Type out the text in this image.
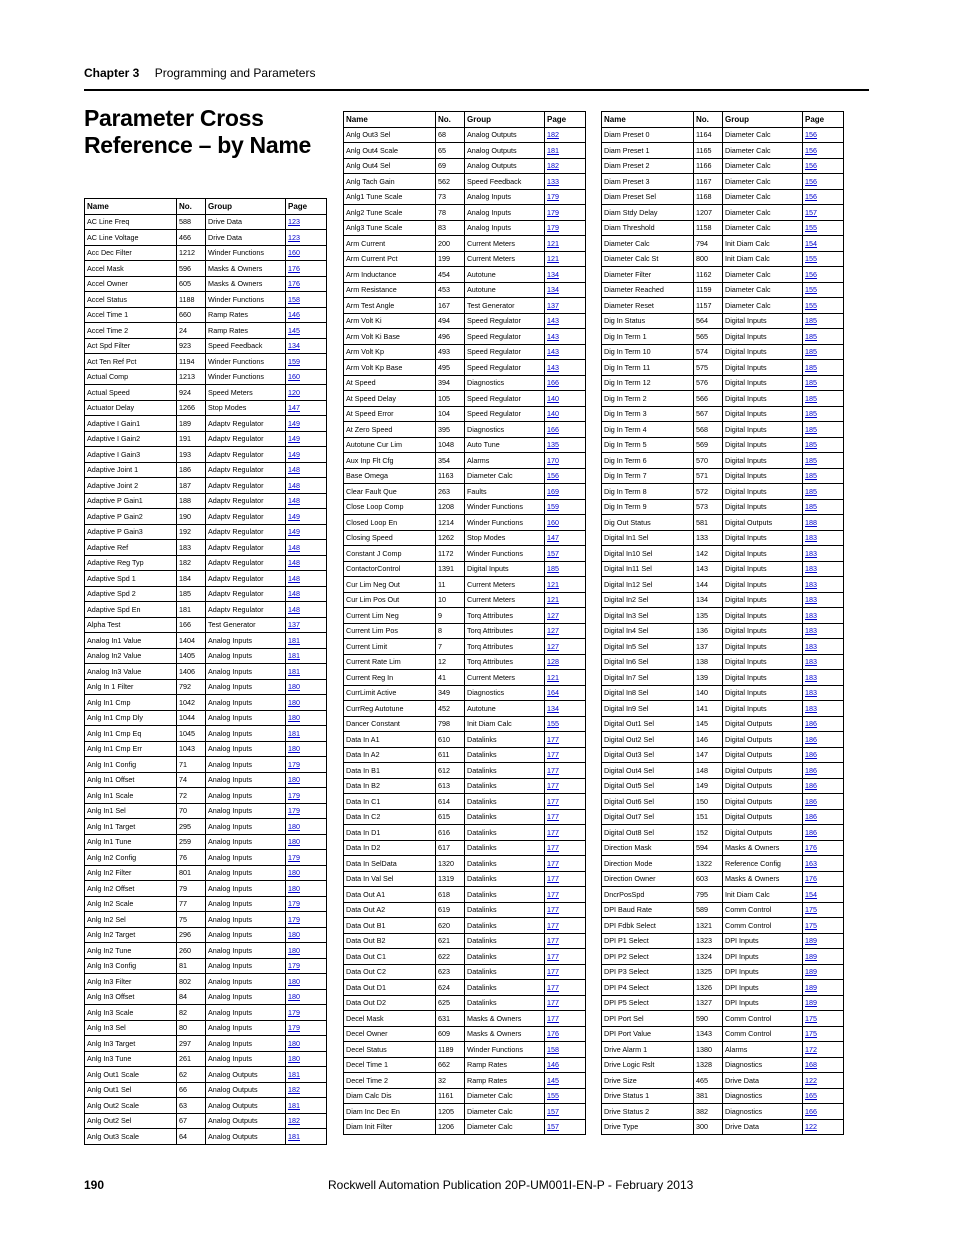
Chapter 3 Programming and Parameters
Parameter Cross Reference – by Name
Name	No.	Group	Page
AC Line Freq	588	Drive Data	123
AC Line Voltage	466	Drive Data	123
Acc Dec Filter	1212	Winder Functions	160
Accel Mask	596	Masks & Owners	176
Accel Owner	605	Masks & Owners	176
Accel Status	1188	Winder Functions	158
Accel Time 1	660	Ramp Rates	146
Accel Time 2	24	Ramp Rates	145
Act Spd Filter	923	Speed Feedback	134
Act Ten Ref Pct	1194	Winder Functions	159
Actual Comp	1213	Winder Functions	160
Actual Speed	924	Speed Meters	120
Actuator Delay	1266	Stop Modes	147
Adaptive I Gain1	189	Adaptv Regulator	149
Adaptive I Gain2	191	Adaptv Regulator	149
Adaptive I Gain3	193	Adaptv Regulator	149
Adaptive Joint 1	186	Adaptv Regulator	148
Adaptive Joint 2	187	Adaptv Regulator	148
Adaptive P Gain1	188	Adaptv Regulator	148
Adaptive P Gain2	190	Adaptv Regulator	149
Adaptive P Gain3	192	Adaptv Regulator	149
Adaptive Ref	183	Adaptv Regulator	148
Adaptive Reg Typ	182	Adaptv Regulator	148
Adaptive Spd 1	184	Adaptv Regulator	148
Adaptive Spd 2	185	Adaptv Regulator	148
Adaptive Spd En	181	Adaptv Regulator	148
Alpha Test	166	Test Generator	137
Analog In1 Value	1404	Analog Inputs	181
Analog In2 Value	1405	Analog Inputs	181
Analog In3 Value	1406	Analog Inputs	181
Anlg In 1 Filter	792	Analog Inputs	180
Anlg In1 Cmp	1042	Analog Inputs	180
Anlg In1 Cmp Dly	1044	Analog Inputs	180
Anlg In1 Cmp Eq	1045	Analog Inputs	181
Anlg In1 Cmp Err	1043	Analog Inputs	180
Anlg In1 Config	71	Analog Inputs	179
Anlg In1 Offset	74	Analog Inputs	180
Anlg In1 Scale	72	Analog Inputs	179
Anlg In1 Sel	70	Analog Inputs	179
Anlg In1 Target	295	Analog Inputs	180
Anlg In1 Tune	259	Analog Inputs	180
Anlg In2 Config	76	Analog Inputs	179
Anlg In2 Filter	801	Analog Inputs	180
Anlg In2 Offset	79	Analog Inputs	180
Anlg In2 Scale	77	Analog Inputs	179
Anlg In2 Sel	75	Analog Inputs	179
Anlg In2 Target	296	Analog Inputs	180
Anlg In2 Tune	260	Analog Inputs	180
Anlg In3 Config	81	Analog Inputs	179
Anlg In3 Filter	802	Analog Inputs	180
Anlg In3 Offset	84	Analog Inputs	180
Anlg In3 Scale	82	Analog Inputs	179
Anlg In3 Sel	80	Analog Inputs	179
Anlg In3 Target	297	Analog Inputs	180
Anlg In3 Tune	261	Analog Inputs	180
Anlg Out1 Scale	62	Analog Outputs	181
Anlg Out1 Sel	66	Analog Outputs	182
Anlg Out2 Scale	63	Analog Outputs	181
Anlg Out2 Sel	67	Analog Outputs	182
Anlg Out3 Scale	64	Analog Outputs	181
Name	No.	Group	Page
Anlg Out3 Sel	68	Analog Outputs	182
Anlg Out4 Scale	65	Analog Outputs	181
Anlg Out4 Sel	69	Analog Outputs	182
Anlg Tach Gain	562	Speed Feedback	133
Anlg1 Tune Scale	73	Analog Inputs	179
Anlg2 Tune Scale	78	Analog Inputs	179
Anlg3 Tune Scale	83	Analog Inputs	179
Arm Current	200	Current Meters	121
Arm Current Pct	199	Current Meters	121
Arm Inductance	454	Autotune	134
Arm Resistance	453	Autotune	134
Arm Test Angle	167	Test Generator	137
Arm Volt Ki	494	Speed Regulator	143
Arm Volt Ki Base	496	Speed Regulator	143
Arm Volt Kp	493	Speed Regulator	143
Arm Volt Kp Base	495	Speed Regulator	143
At Speed	394	Diagnostics	166
At Speed Delay	105	Speed Regulator	140
At Speed Error	104	Speed Regulator	140
At Zero Speed	395	Diagnostics	166
Autotune Cur Lim	1048	Auto Tune	135
Aux Inp Flt Cfg	354	Alarms	170
Base Omega	1163	Diameter Calc	156
Clear Fault Que	263	Faults	169
Close Loop Comp	1208	Winder Functions	159
Closed Loop En	1214	Winder Functions	160
Closing Speed	1262	Stop Modes	147
Constant J Comp	1172	Winder Functions	157
ContactorControl	1391	Digital Inputs	185
Cur Lim Neg Out	11	Current Meters	121
Cur Lim Pos Out	10	Current Meters	121
Current Lim Neg	9	Torq Attributes	127
Current Lim Pos	8	Torq Attributes	127
Current Limit	7	Torq Attributes	127
Current Rate Lim	12	Torq Attributes	128
Current Reg In	41	Current Meters	121
CurrLimit Active	349	Diagnostics	164
CurrReg Autotune	452	Autotune	134
Dancer Constant	798	Init Diam Calc	155
Data In A1	610	Datalinks	177
Data In A2	611	Datalinks	177
Data In B1	612	Datalinks	177
Data In B2	613	Datalinks	177
Data In C1	614	Datalinks	177
Data In C2	615	Datalinks	177
Data In D1	616	Datalinks	177
Data In D2	617	Datalinks	177
Data In SelData	1320	Datalinks	177
Data In Val Sel	1319	Datalinks	177
Data Out A1	618	Datalinks	177
Data Out A2	619	Datalinks	177
Data Out B1	620	Datalinks	177
Data Out B2	621	Datalinks	177
Data Out C1	622	Datalinks	177
Data Out C2	623	Datalinks	177
Data Out D1	624	Datalinks	177
Data Out D2	625	Datalinks	177
Decel Mask	631	Masks & Owners	177
Decel Owner	609	Masks & Owners	176
Decel Status	1189	Winder Functions	158
Decel Time 1	662	Ramp Rates	146
Decel Time 2	32	Ramp Rates	145
Diam Calc Dis	1161	Diameter Calc	155
Diam Inc Dec En	1205	Diameter Calc	157
Diam Init Filter	1206	Diameter Calc	157
Name	No.	Group	Page
Diam Preset 0	1164	Diameter Calc	156
Diam Preset 1	1165	Diameter Calc	156
Diam Preset 2	1166	Diameter Calc	156
Diam Preset 3	1167	Diameter Calc	156
Diam Preset Sel	1168	Diameter Calc	156
Diam Stdy Delay	1207	Diameter Calc	157
Diam Threshold	1158	Diameter Calc	155
Diameter Calc	794	Init Diam Calc	154
Diameter Calc St	800	Init Diam Calc	155
Diameter Filter	1162	Diameter Calc	156
Diameter Reached	1159	Diameter Calc	155
Diameter Reset	1157	Diameter Calc	155
Dig In Status	564	Digital Inputs	185
Dig In Term 1	565	Digital Inputs	185
Dig In Term 10	574	Digital Inputs	185
Dig In Term 11	575	Digital Inputs	185
Dig In Term 12	576	Digital Inputs	185
Dig In Term 2	566	Digital Inputs	185
Dig In Term 3	567	Digital Inputs	185
Dig In Term 4	568	Digital Inputs	185
Dig In Term 5	569	Digital Inputs	185
Dig In Term 6	570	Digital Inputs	185
Dig In Term 7	571	Digital Inputs	185
Dig In Term 8	572	Digital Inputs	185
Dig In Term 9	573	Digital Inputs	185
Dig Out Status	581	Digital Outputs	188
Digital In1 Sel	133	Digital Inputs	183
Digital In10 Sel	142	Digital Inputs	183
Digital In11 Sel	143	Digital Inputs	183
Digital In12 Sel	144	Digital Inputs	183
Digital In2 Sel	134	Digital Inputs	183
Digital In3 Sel	135	Digital Inputs	183
Digital In4 Sel	136	Digital Inputs	183
Digital In5 Sel	137	Digital Inputs	183
Digital In6 Sel	138	Digital Inputs	183
Digital In7 Sel	139	Digital Inputs	183
Digital In8 Sel	140	Digital Inputs	183
Digital In9 Sel	141	Digital Inputs	183
Digital Out1 Sel	145	Digital Outputs	186
Digital Out2 Sel	146	Digital Outputs	186
Digital Out3 Sel	147	Digital Outputs	186
Digital Out4 Sel	148	Digital Outputs	186
Digital Out5 Sel	149	Digital Outputs	186
Digital Out6 Sel	150	Digital Outputs	186
Digital Out7 Sel	151	Digital Outputs	186
Digital Out8 Sel	152	Digital Outputs	186
Direction Mask	594	Masks & Owners	176
Direction Mode	1322	Reference Config	163
Direction Owner	603	Masks & Owners	176
DncrPosSpd	795	Init Diam Calc	154
DPI Baud Rate	589	Comm Control	175
DPI Fdbk Select	1321	Comm Control	175
DPI P1 Select	1323	DPI Inputs	189
DPI P2 Select	1324	DPI Inputs	189
DPI P3 Select	1325	DPI Inputs	189
DPI P4 Select	1326	DPI Inputs	189
DPI P5 Select	1327	DPI Inputs	189
DPI Port Sel	590	Comm Control	175
DPI Port Value	1343	Comm Control	175
Drive Alarm 1	1380	Alarms	172
Drive Logic Rslt	1328	Diagnostics	168
Drive Size	465	Drive Data	122
Drive Status 1	381	Diagnostics	165
Drive Status 2	382	Diagnostics	166
Drive Type	300	Drive Data	122
190	Rockwell Automation Publication 20P-UM001I-EN-P - February 2013
